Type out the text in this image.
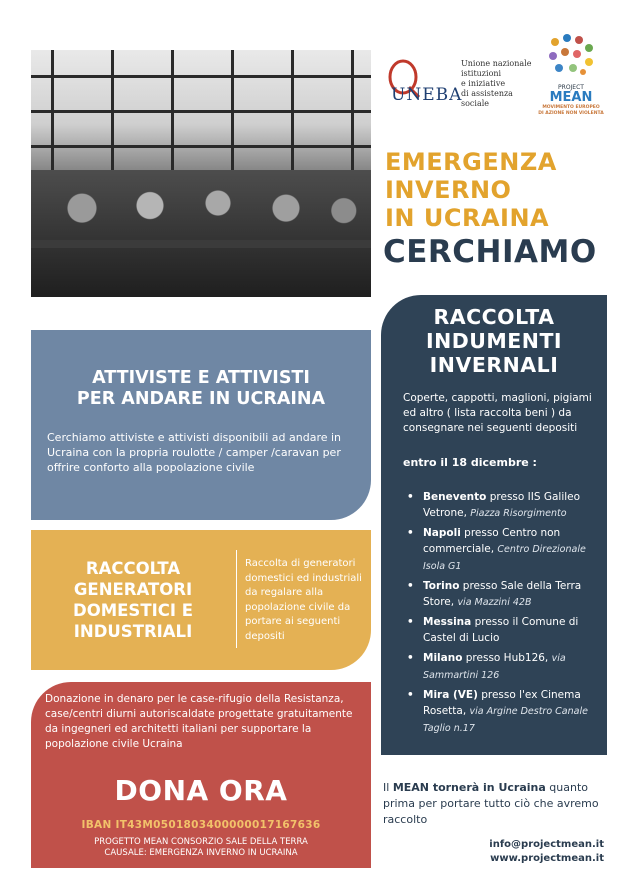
UNEBA
Unione nazionale
istituzioni
e iniziative
di assistenza
sociale
PROJECT
MEAN
MOVIMENTO EUROPEO
DI AZIONE NON VIOLENTA
EMERGENZA
INVERNO
IN UCRAINA
CERCHIAMO
ATTIVISTE E ATTIVISTI
PER ANDARE IN UCRAINA

Cerchiamo attiviste e attivisti disponibili ad andare in Ucraina con la propria roulotte / camper /caravan per offrire conforto alla popolazione civile

RACCOLTA
GENERATORI
DOMESTICI E
INDUSTRIALI

Raccolta di generatori domestici ed industriali da regalare alla popolazione civile da portare ai seguenti depositi

Donazione in denaro per le case-rifugio della Resistanza, case/centri diurni autoriscaldate progettate gratuitamente da ingegneri ed architetti italiani per supportare la popolazione civile Ucraina
DONA ORA
IBAN IT43M0501803400000017167636
PROGETTO MEAN CONSORZIO SALE DELLA TERRA
CAUSALE: EMERGENZA INVERNO IN UCRAINA
RACCOLTA
INDUMENTI
INVERNALI
Coperte, cappotti, maglioni, pigiami ed altro ( lista raccolta beni ) da consegnare nei seguenti depositi
entro il 18 dicembre :
• Benevento presso IIS Galileo Vetrone, Piazza Risorgimento
• Napoli presso Centro non commerciale, Centro Direzionale Isola G1
• Torino presso Sale della Terra Store, via Mazzini 42B
• Messina presso il Comune di Castel di Lucio
• Milano presso Hub126, via Sammartini 126
• Mira (VE) presso l'ex Cinema Rosetta, via Argine Destro Canale Taglio n.17
Il MEAN tornerà in Ucraina quanto prima per portare tutto ciò che avremo raccolto
info@projectmean.it
www.projectmean.it
